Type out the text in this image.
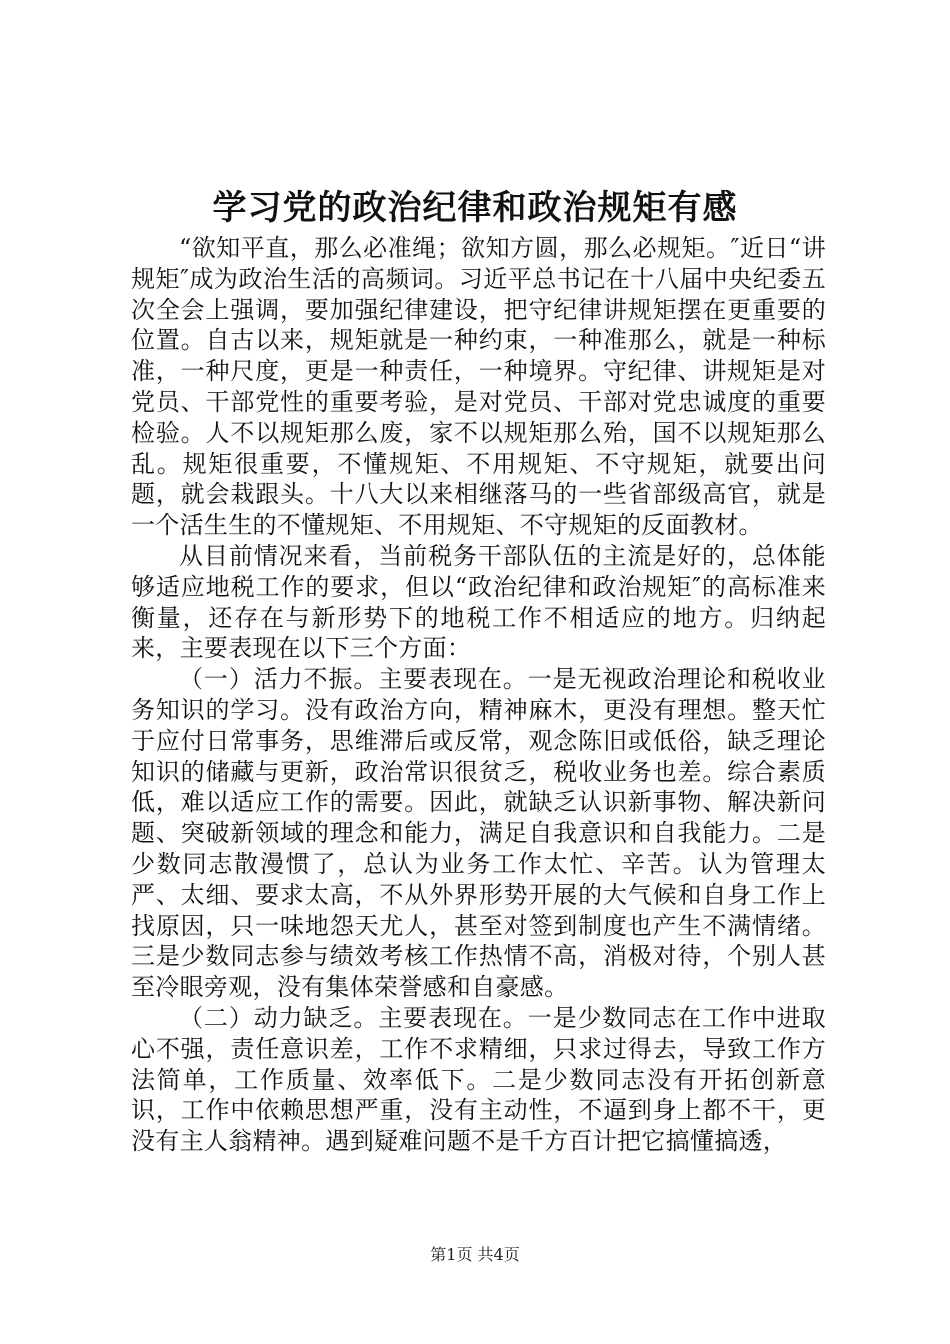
学习党的政治纪律和政治规矩有感

“欲知平直，那么必准绳；欲知方圆，那么必规矩。″近日“讲规矩″成为政治生活的高频词。习近平总书记在十八届中央纪委五次全会上强调，要加强纪律建设，把守纪律讲规矩摆在更重要的位置。自古以来，规矩就是一种约束，一种准那么，就是一种标准，一种尺度，更是一种责任，一种境界。守纪律、讲规矩是对党员、干部党性的重要考验，是对党员、干部对党忠诚度的重要检验。人不以规矩那么废，家不以规矩那么殆，国不以规矩那么乱。规矩很重要，不懂规矩、不用规矩、不守规矩，就要出问题，就会栽跟头。十八大以来相继落马的一些省部级高官，就是一个活生生的不懂规矩、不用规矩、不守规矩的反面教材。

从目前情况来看，当前税务干部队伍的主流是好的，总体能够适应地税工作的要求，但以“政治纪律和政治规矩″的高标准来衡量，还存在与新形势下的地税工作不相适应的地方。归纳起来，主要表现在以下三个方面：

（一）活力不振。主要表现在。一是无视政治理论和税收业务知识的学习。没有政治方向，精神麻木，更没有理想。整天忙于应付日常事务，思维滞后或反常，观念陈旧或低俗，缺乏理论知识的储藏与更新，政治常识很贫乏，税收业务也差。综合素质低，难以适应工作的需要。因此，就缺乏认识新事物、解决新问题、突破新领域的理念和能力，满足自我意识和自我能力。二是少数同志散漫惯了，总认为业务工作太忙、辛苦。认为管理太严、太细、要求太高，不从外界形势开展的大气候和自身工作上找原因，只一味地怨天尤人，甚至对签到制度也产生不满情绪。三是少数同志参与绩效考核工作热情不高，消极对待，个别人甚至冷眼旁观，没有集体荣誉感和自豪感。

（二）动力缺乏。主要表现在。一是少数同志在工作中进取心不强，责任意识差，工作不求精细，只求过得去，导致工作方法简单，工作质量、效率低下。二是少数同志没有开拓创新意识，工作中依赖思想严重，没有主动性，不逼到身上都不干，更没有主人翁精神。遇到疑难问题不是千方百计把它搞懂搞透，

第1页 共4页
